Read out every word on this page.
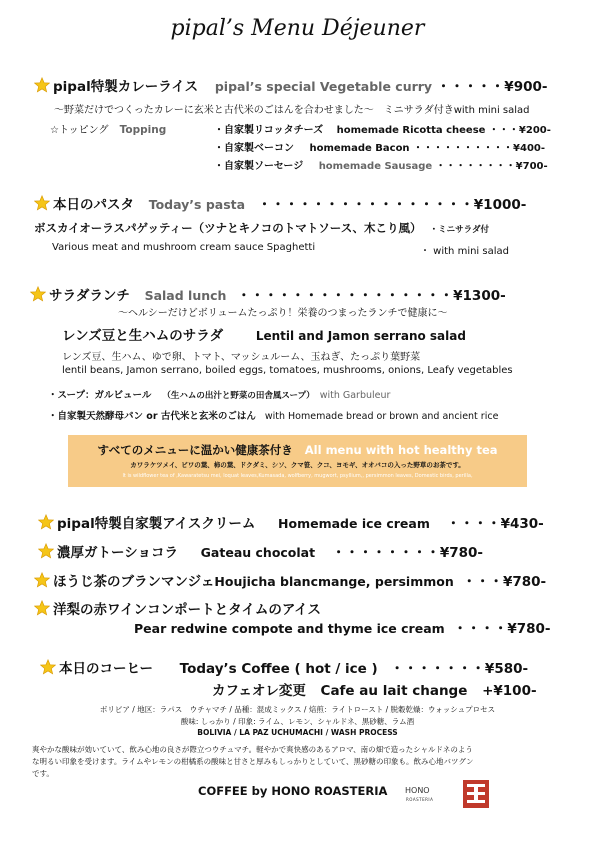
pipal’s Menu Déjeuner
pipal特製カレーライス pipal’s special Vegetable curry ・・・・・¥900-
〜野菜だけでつくったカレーに玄米と古代米のごはんを合わせました〜　ミニサラダ付きwith mini salad
☆トッピング Topping	・自家製リコッタチーズ homemade Ricotta cheese ・・・¥200-
・自家製ベーコン homemade Bacon ・・・・・・・・・・¥400-
・自家製ソーセージ homemade Sausage ・・・・・・・・¥700-
本日のパスタ Today’s pasta ・・・・・・・・・・・・・・・・¥1000-
ボスカイオーラスパゲッティー（ツナとキノコのトマトソース、木こり風） ・ミニサラダ付
Various meat and mushroom cream sauce Spaghetti	・ with mini salad
サラダランチ Salad lunch ・・・・・・・・・・・・・・・・¥1300-
〜ヘルシーだけどボリュームたっぷり！栄養のつまったランチで健康に〜
レンズ豆と生ハムのサラダ	Lentil and Jamon serrano salad
レンズ豆、生ハム、ゆで卵、トマト、マッシュルーム、玉ねぎ、たっぷり葉野菜
lentil beans, Jamon serrano, boiled eggs, tomatoes, mushrooms, onions, Leafy vegetables
・スープ：ガルビュール （生ハムの出汁と野菜の田舎風スープ） with Garbuleur
・自家製天然酵母パン or 古代米と玄米のごはん with Homemade bread or brown and ancient rice
すべてのメニューに温かい健康茶付き All menu with hot healthy tea
カワラケツメイ、ビワの葉、柿の葉、ドクダミ、シソ、クマ笹、クコ、ヨモギ、オオバコの入った野草のお茶です。
It is wildflower tea of ,Kawaratetsu mei, loquat leaves,Kumasada, wolfberry, mugwort, psyllium,, persimmon leaves, Domestic birds, perilla,
pipal特製自家製アイスクリーム Homemade ice cream ・・・・¥430-
濃厚ガトーショコラ Gateau chocolat ・・・・・・・・¥780-
ほうじ茶のブランマンジェHoujicha blancmange, persimmon ・・・¥780-
洋梨の赤ワインコンポートとタイムのアイス
Pear redwine compote and thyme ice cream ・・・・¥780-
本日のコーヒー Today’s Coffee ( hot / ice ) ・・・・・・・¥580-
カフェオレ変更 Cafe au lait change +¥100-
ボリビア / 地区：ラパス　ウチャマチ / 品種：混成ミックス / 焙煎：ライトロースト / 脱穀乾燥：ウォッシュプロセス
酸味: しっかり / 印象: ライム、レモン、シャルドネ、黒砂糖、ラム酒
BOLIVIA / LA PAZ UCHUMACHI / WASH PROCESS
爽やかな酸味が効いていて、飲み心地の良さが際立つウチュマチ。軽やかで爽快感のあるアロマ、南の畑で造ったシャルドネのよう
な明るい印象を受けます。ライムやレモンの柑橘系の酸味と甘さと厚みもしっかりとしていて、黒砂糖の印象も。飲み心地バツグン
です。
COFFEE by HONO ROASTERIA HONO
ROASTERIA
